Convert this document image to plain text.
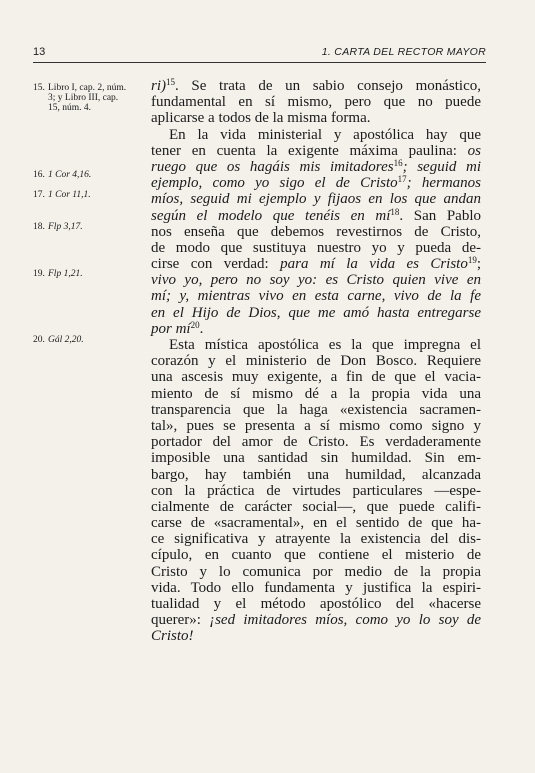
13	1. CARTA DEL RECTOR MAYOR
15. Libro I, cap. 2, núm.
3; y Libro III, cap.
15, núm. 4.
16. 1 Cor 4,16.
17. 1 Cor 11,1.
18. Flp 3,17.
19. Flp 1,21.
20. Gál 2,20.
ri)$^{15}$. Se trata de un sabio consejo monástico,
fundamental en sí mismo, pero que no puede
aplicarse a todos de la misma forma.
En la vida ministerial y apostólica hay que
tener en cuenta la exigente máxima paulina: os
ruego que os hagáis mis imitadores$^{16}$; seguid mi
ejemplo, como yo sigo el de Cristo$^{17}$; hermanos
míos, seguid mi ejemplo y fijaos en los que andan
según el modelo que tenéis en $mí^{18}$. San Pablo
nos enseña que debemos revestirnos de Cristo,
de modo que sustituya nuestro yo y pueda de-
cirse con verdad: para mí la vida es Cristo$^{19}$;
vivo yo, pero no soy yo: es Cristo quien vive en
mí; y, mientras vivo en esta carne, vivo de la fe
en el Hijo de Dios, que me amó hasta entregarse
por $mí^{20}$.
Esta mística apostólica es la que impregna el
corazón y el ministerio de Don Bosco. Requiere
una ascesis muy exigente, a fin de que el vacia-
miento de sí mismo dé a la propia vida una
transparencia que la haga «existencia sacramen-
tal», pues se presenta a sí mismo como signo y
portador del amor de Cristo. Es verdaderamente
imposible una santidad sin humildad. Sin em-
bargo, hay también una humildad, alcanzada
con la práctica de virtudes particulares —espe-
cialmente de carácter social—, que puede califi-
carse de «sacramental», en el sentido de que ha-
ce significativa y atrayente la existencia del dis-
cípulo, en cuanto que contiene el misterio de
Cristo y lo comunica por medio de la propia
vida. Todo ello fundamenta y justifica la espiri-
tualidad y el método apostólico del «hacerse
querer»: ¡sed imitadores míos, como yo lo soy de
Cristo!
